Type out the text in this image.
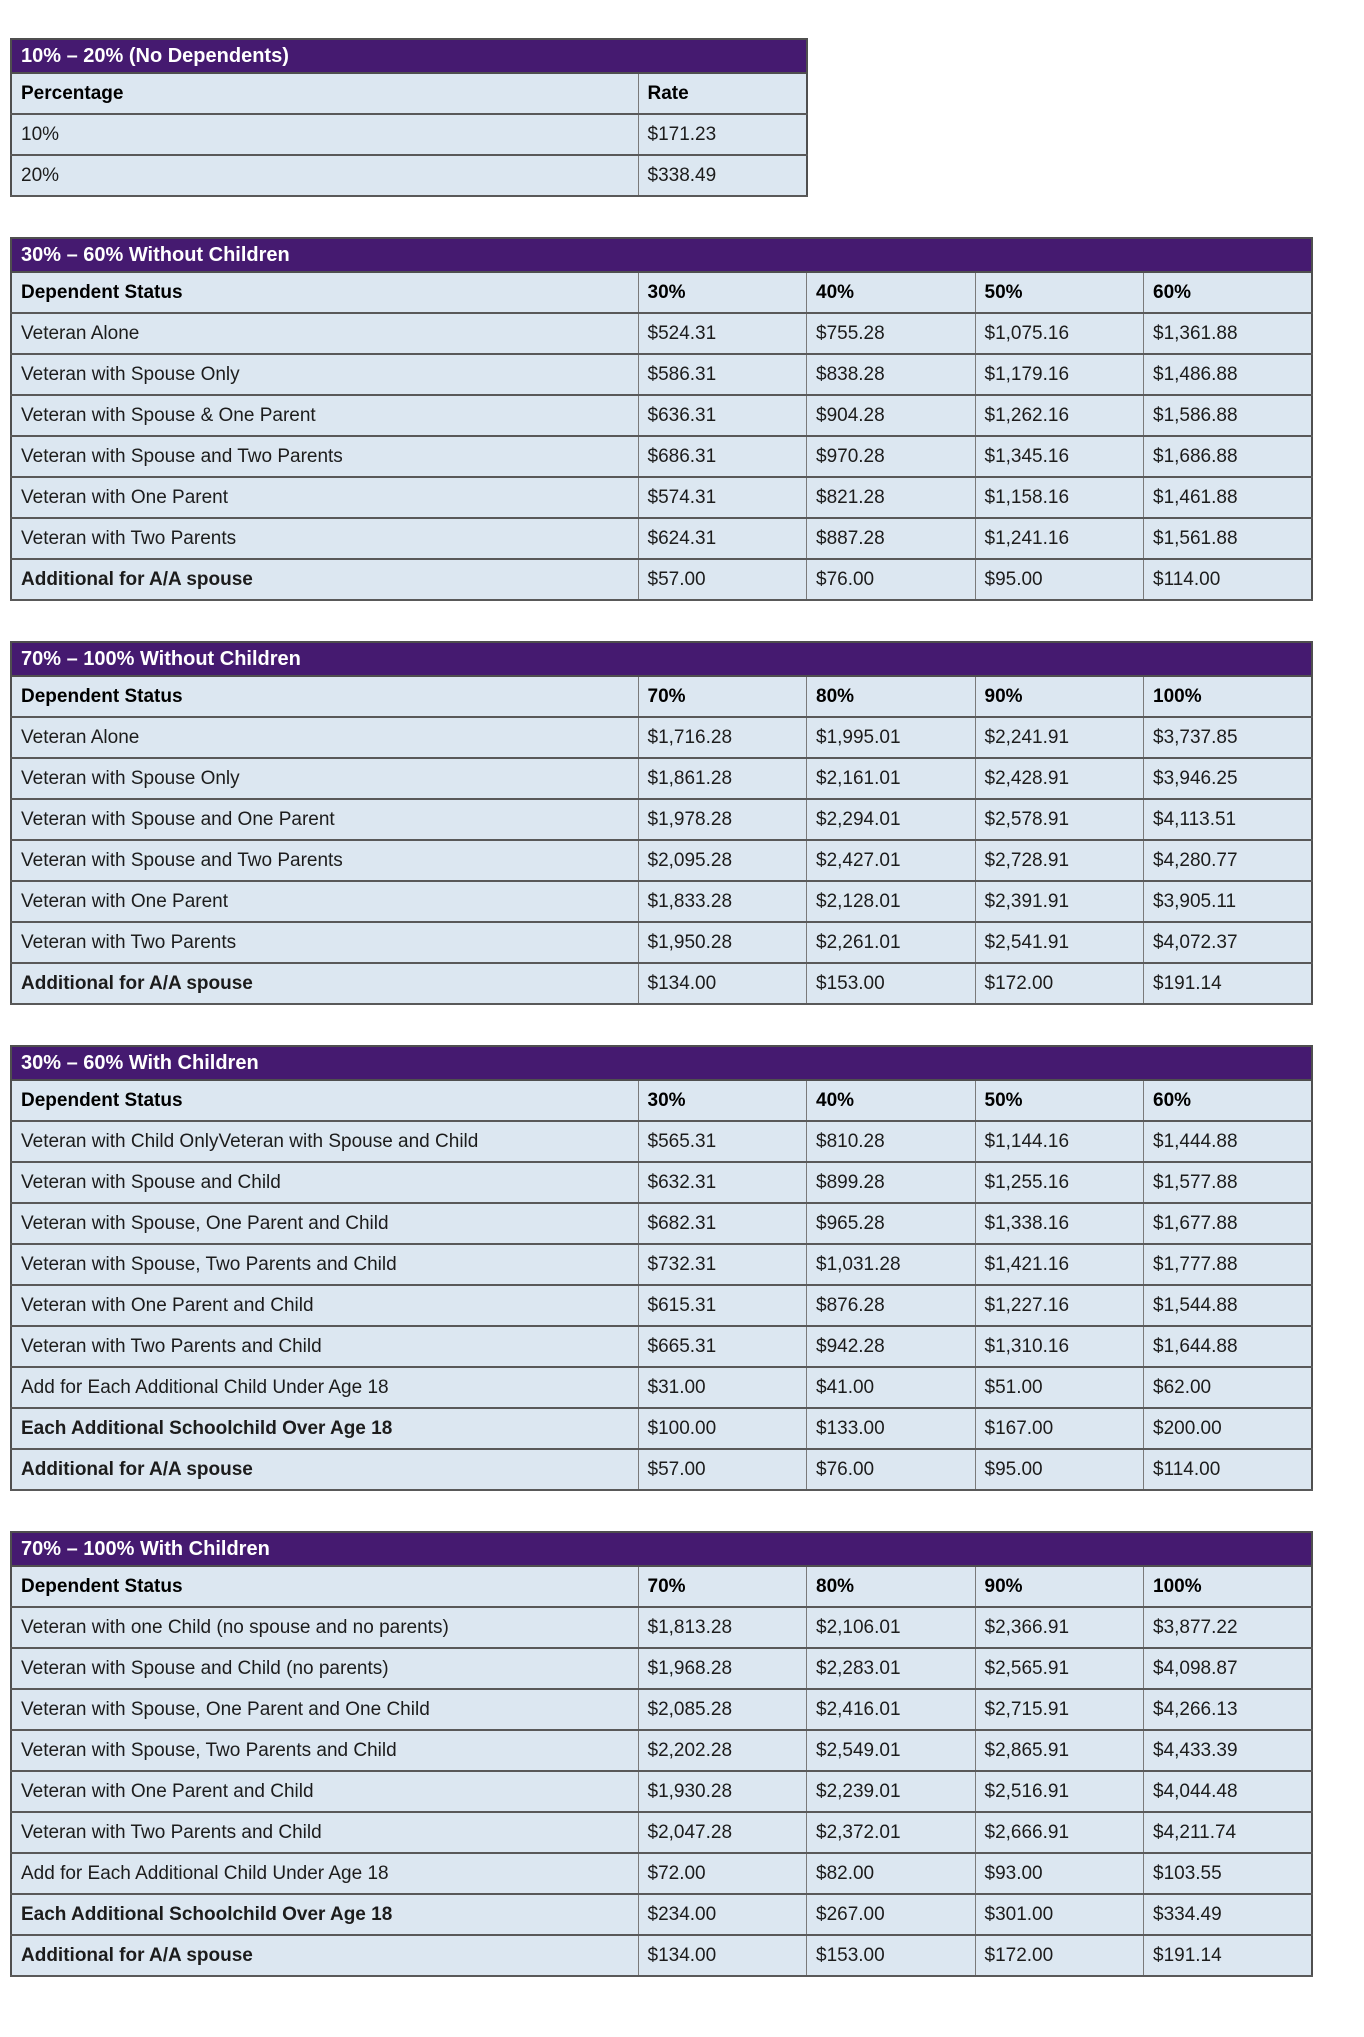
10% – 20% (No Dependents)	
Percentage	Rate
10%	$171.23
20%	$338.49
30% – 60% Without Children				
Dependent Status	30%	40%	50%	60%
Veteran Alone	$524.31	$755.28	$1,075.16	$1,361.88
Veteran with Spouse Only	$586.31	$838.28	$1,179.16	$1,486.88
Veteran with Spouse & One Parent	$636.31	$904.28	$1,262.16	$1,586.88
Veteran with Spouse and Two Parents	$686.31	$970.28	$1,345.16	$1,686.88
Veteran with One Parent	$574.31	$821.28	$1,158.16	$1,461.88
Veteran with Two Parents	$624.31	$887.28	$1,241.16	$1,561.88
Additional for A/A spouse	$57.00	$76.00	$95.00	$114.00
70% – 100% Without Children				
Dependent Status	70%	80%	90%	100%
Veteran Alone	$1,716.28	$1,995.01	$2,241.91	$3,737.85
Veteran with Spouse Only	$1,861.28	$2,161.01	$2,428.91	$3,946.25
Veteran with Spouse and One Parent	$1,978.28	$2,294.01	$2,578.91	$4,113.51
Veteran with Spouse and Two Parents	$2,095.28	$2,427.01	$2,728.91	$4,280.77
Veteran with One Parent	$1,833.28	$2,128.01	$2,391.91	$3,905.11
Veteran with Two Parents	$1,950.28	$2,261.01	$2,541.91	$4,072.37
Additional for A/A spouse	$134.00	$153.00	$172.00	$191.14
30% – 60% With Children				
Dependent Status	30%	40%	50%	60%
Veteran with Child OnlyVeteran with Spouse and Child	$565.31	$810.28	$1,144.16	$1,444.88
Veteran with Spouse and Child	$632.31	$899.28	$1,255.16	$1,577.88
Veteran with Spouse, One Parent and Child	$682.31	$965.28	$1,338.16	$1,677.88
Veteran with Spouse, Two Parents and Child	$732.31	$1,031.28	$1,421.16	$1,777.88
Veteran with One Parent and Child	$615.31	$876.28	$1,227.16	$1,544.88
Veteran with Two Parents and Child	$665.31	$942.28	$1,310.16	$1,644.88
Add for Each Additional Child Under Age 18	$31.00	$41.00	$51.00	$62.00
Each Additional Schoolchild Over Age 18	$100.00	$133.00	$167.00	$200.00
Additional for A/A spouse	$57.00	$76.00	$95.00	$114.00
70% – 100% With Children				
Dependent Status	70%	80%	90%	100%
Veteran with one Child (no spouse and no parents)	$1,813.28	$2,106.01	$2,366.91	$3,877.22
Veteran with Spouse and Child (no parents)	$1,968.28	$2,283.01	$2,565.91	$4,098.87
Veteran with Spouse, One Parent and One Child	$2,085.28	$2,416.01	$2,715.91	$4,266.13
Veteran with Spouse, Two Parents and Child	$2,202.28	$2,549.01	$2,865.91	$4,433.39
Veteran with One Parent and Child	$1,930.28	$2,239.01	$2,516.91	$4,044.48
Veteran with Two Parents and Child	$2,047.28	$2,372.01	$2,666.91	$4,211.74
Add for Each Additional Child Under Age 18	$72.00	$82.00	$93.00	$103.55
Each Additional Schoolchild Over Age 18	$234.00	$267.00	$301.00	$334.49
Additional for A/A spouse	$134.00	$153.00	$172.00	$191.14
